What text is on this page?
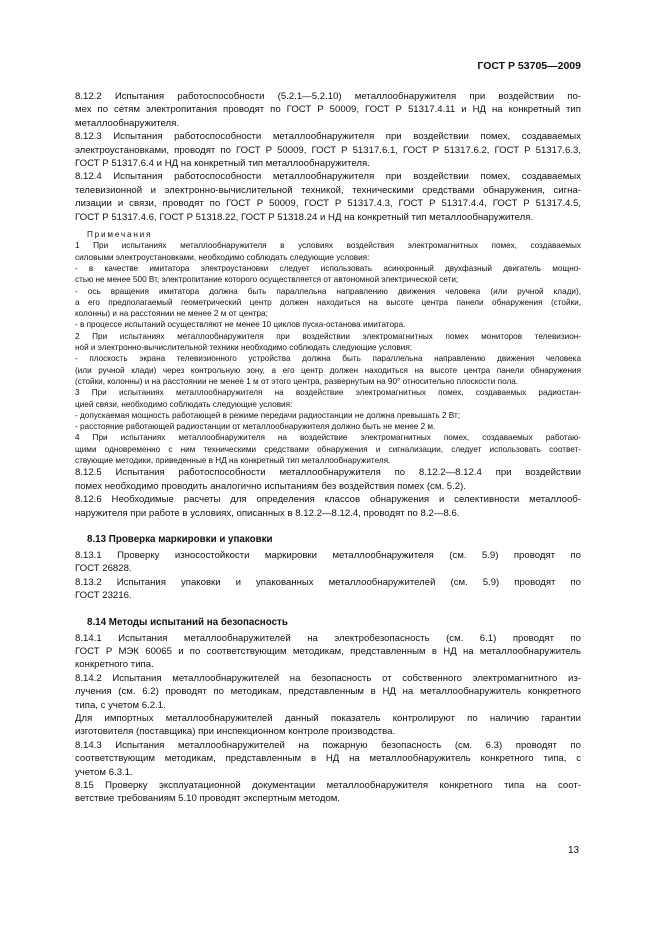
ГОСТ Р 53705—2009
8.12.2 Испытания работоспособности (5.2.1—5.2.10) металлообнаружителя при воздействии по-
мех по сетям электропитания проводят по ГОСТ Р 50009, ГОСТ Р 51317.4.11 и НД на конкретный тип
металлообнаружителя.
8.12.3 Испытания работоспособности металлообнаружителя при воздействии помех, создаваемых
электроустановками, проводят по ГОСТ Р 50009, ГОСТ Р 51317.6.1, ГОСТ Р 51317.6.2, ГОСТ Р 51317.6.3,
ГОСТ Р 51317.6.4 и НД на конкретный тип металлообнаружителя.
8.12.4 Испытания работоспособности металлообнаружителя при воздействии помех, создаваемых
телевизионной и электронно-вычислительной техникой, техническими средствами обнаружения, сигна-
лизации и связи, проводят по ГОСТ Р 50009, ГОСТ Р 51317.4.3, ГОСТ Р 51317.4.4, ГОСТ Р 51317.4.5,
ГОСТ Р 51317.4.6, ГОСТ Р 51318.22, ГОСТ Р 51318.24 и НД на конкретный тип металлообнаружителя.
Примечания
1 При испытаниях металлообнаружителя в условиях воздействия электромагнитных помех, создаваемых
силовыми электроустановками, необходимо соблюдать следующие условия:
- в качестве имитатора электроустановки следует использовать асинхронный двухфазный двигатель мощно-
стью не менее 500 Вт, электропитание которого осуществляется от автономной электрической сети;
- ось вращения имитатора должна быть параллельна направлению движения человека (или ручной клади),
а его предполагаемый геометрический центр должен находиться на высоте центра панели обнаружения (стойки,
колонны) и на расстоянии не менее 2 м от центра;
- в процессе испытаний осуществляют не менее 10 циклов пуска-останова имитатора.
2 При испытаниях металлообнаружителя при воздействии электромагнитных помех мониторов телевизион-
ной и электронно-вычислительной техники необходимо соблюдать следующие условия:
- плоскость экрана телевизионного устройства должна быть параллельна направлению движения человека
(или ручной клади) через контрольную зону, а его центр должен находиться на высоте центра панели обнаружения
(стойки, колонны) и на расстоянии не менее 1 м от этого центра, развернутым на 90° относительно плоскости пола.
3 При испытаниях металлообнаружителя на воздействие электромагнитных помех, создаваемых радиостан-
цией связи, необходимо соблюдать следующие условия:
- допускаемая мощность работающей в режиме передачи радиостанции не должна превышать 2 Вт;
- расстояние работающей радиостанции от металлообнаружителя должно быть не менее 2 м.
4 При испытаниях металлообнаружителя на воздействие электромагнитных помех, создаваемых работаю-
щими одновременно с ним техническими средствами обнаружения и сигнализации, следует использовать соответ-
ствующие методики, приведенные в НД на конкретный тип металлообнаружителя.
8.12.5 Испытания работоспособности металлообнаружителя по 8.12.2—8.12.4 при воздействии
помех необходимо проводить аналогично испытаниям без воздействия помех (см. 5.2).
8.12.6 Необходимые расчеты для определения классов обнаружения и селективности металлооб-
наружителя при работе в условиях, описанных в 8.12.2—8.12.4, проводят по 8.2—8.6.
8.13 Проверка маркировки и упаковки
8.13.1 Проверку износостойкости маркировки металлообнаружителя (см. 5.9) проводят по
ГОСТ 26828.
8.13.2 Испытания упаковки и упакованных металлообнаружителей (см. 5.9) проводят по
ГОСТ 23216.
8.14 Методы испытаний на безопасность
8.14.1 Испытания металлообнаружителей на электробезопасность (см. 6.1) проводят по
ГОСТ Р МЭК 60065 и по соответствующим методикам, представленным в НД на металлообнаружитель
конкретного типа.
8.14.2 Испытания металлообнаружителей на безопасность от собственного электромагнитного из-
лучения (см. 6.2) проводят по методикам, представленным в НД на металлообнаружитель конкретного
типа, с учетом 6.2.1.
Для импортных металлообнаружителей данный показатель контролируют по наличию гарантии
изготовителя (поставщика) при инспекционном контроле производства.
8.14.3 Испытания металлообнаружителей на пожарную безопасность (см. 6.3) проводят по
соответствующим методикам, представленным в НД на металлообнаружитель конкретного типа, с
учетом 6.3.1.
8.15 Проверку эксплуатационной документации металлообнаружителя конкретного типа на соот-
ветствие требованиям 5.10 проводят экспертным методом.
13
